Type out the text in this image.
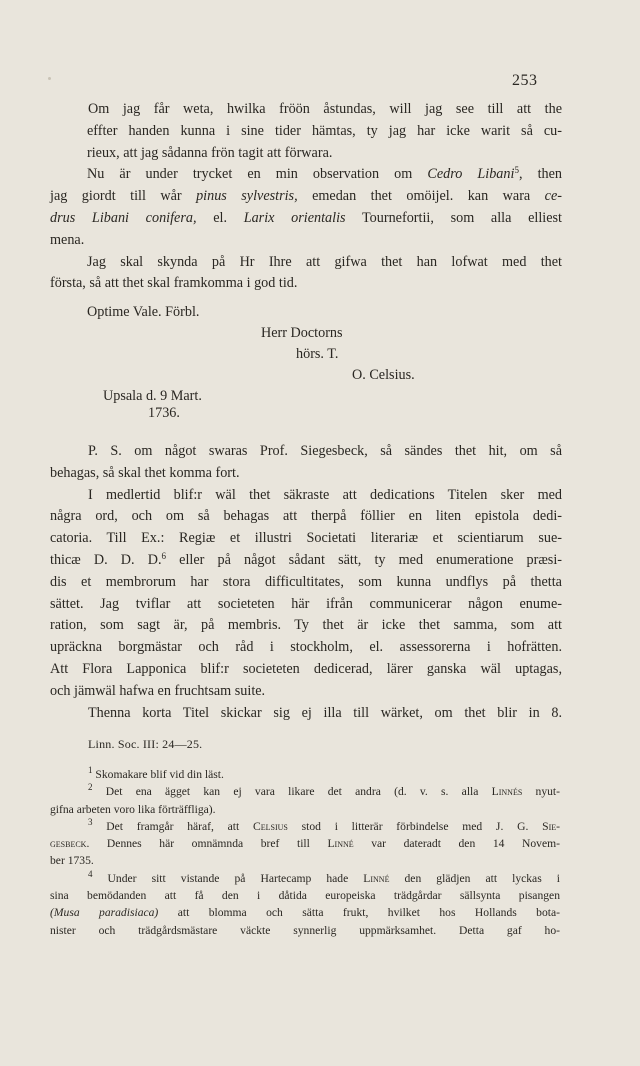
253
Om jag får weta, hwilka fröön åstundas, will jag see till att the
effter handen kunna i sine tider hämtas, ty jag har icke warit så cu-
rieux, att jag sådanna frön tagit att förwara.
Nu är under trycket en min observation om Cedro Libani$^5$, then
jag giordt till wår pinus sylvestris, emedan thet omöijel. kan wara ce-
drus Libani conifera, el. Larix orientalis Tournefortii, som alla elliest
mena.
Jag skal skynda på Hr Ihre att gifwa thet han lofwat med thet
första, så att thet skal framkomma i god tid.
Optime Vale. Förbl.
Herr Doctorns
hörs. T.
O. Celsius.
Upsala d. 9 Mart.
1736.
P. S. om något swaras Prof. Siegesbeck, så sändes thet hit, om så
behagas, så skal thet komma fort.
I medlertid blif:r wäl thet säkraste att dedications Titelen sker med
några ord, och om så behagas att therpå föllier en liten epistola dedi-
catoria. Till Ex.: Regiæ et illustri Societati literariæ et scientiarum sue-
thicæ D. D. D.$^6$ eller på något sådant sätt, ty med enumeratione præsi-
dis et membrorum har stora difficultitates, som kunna undflys på thetta
sättet. Jag tviflar att societeten här ifrån communicerar någon enume-
ration, som sagt är, på membris. Ty thet är icke thet samma, som att
upräckna borgmästar och råd i stockholm, el. assessorerna i hofrätten.
Att Flora Lapponica blif:r societeten dedicerad, lärer ganska wäl uptagas,
och jämwäl hafwa en fruchtsam suite.
Thenna korta Titel skickar sig ej illa till wärket, om thet blir in 8.
Linn. Soc. III: 24—25.
$^1$ Skomakare blif vid din läst.
$^2$ Det ena ägget kan ej vara likare det andra (d. v. s. alla Linnés nyut-
gifna arbeten voro lika förträffliga).
$^3$ Det framgår häraf, att Celsius stod i litterär förbindelse med J. G. Sie-
gesbeck. Dennes här omnämnda bref till Linné var dateradt den 14 Novem-
ber 1735.
$^4$ Under sitt vistande på Hartecamp hade Linné den glädjen att lyckas i
sina bemödanden att få den i dåtida europeiska trädgårdar sällsynta pisangen
(Musa paradisiaca) att blomma och sätta frukt, hvilket hos Hollands bota-
nister och trädgårdsmästare väckte synnerlig uppmärksamhet. Detta gaf ho-
